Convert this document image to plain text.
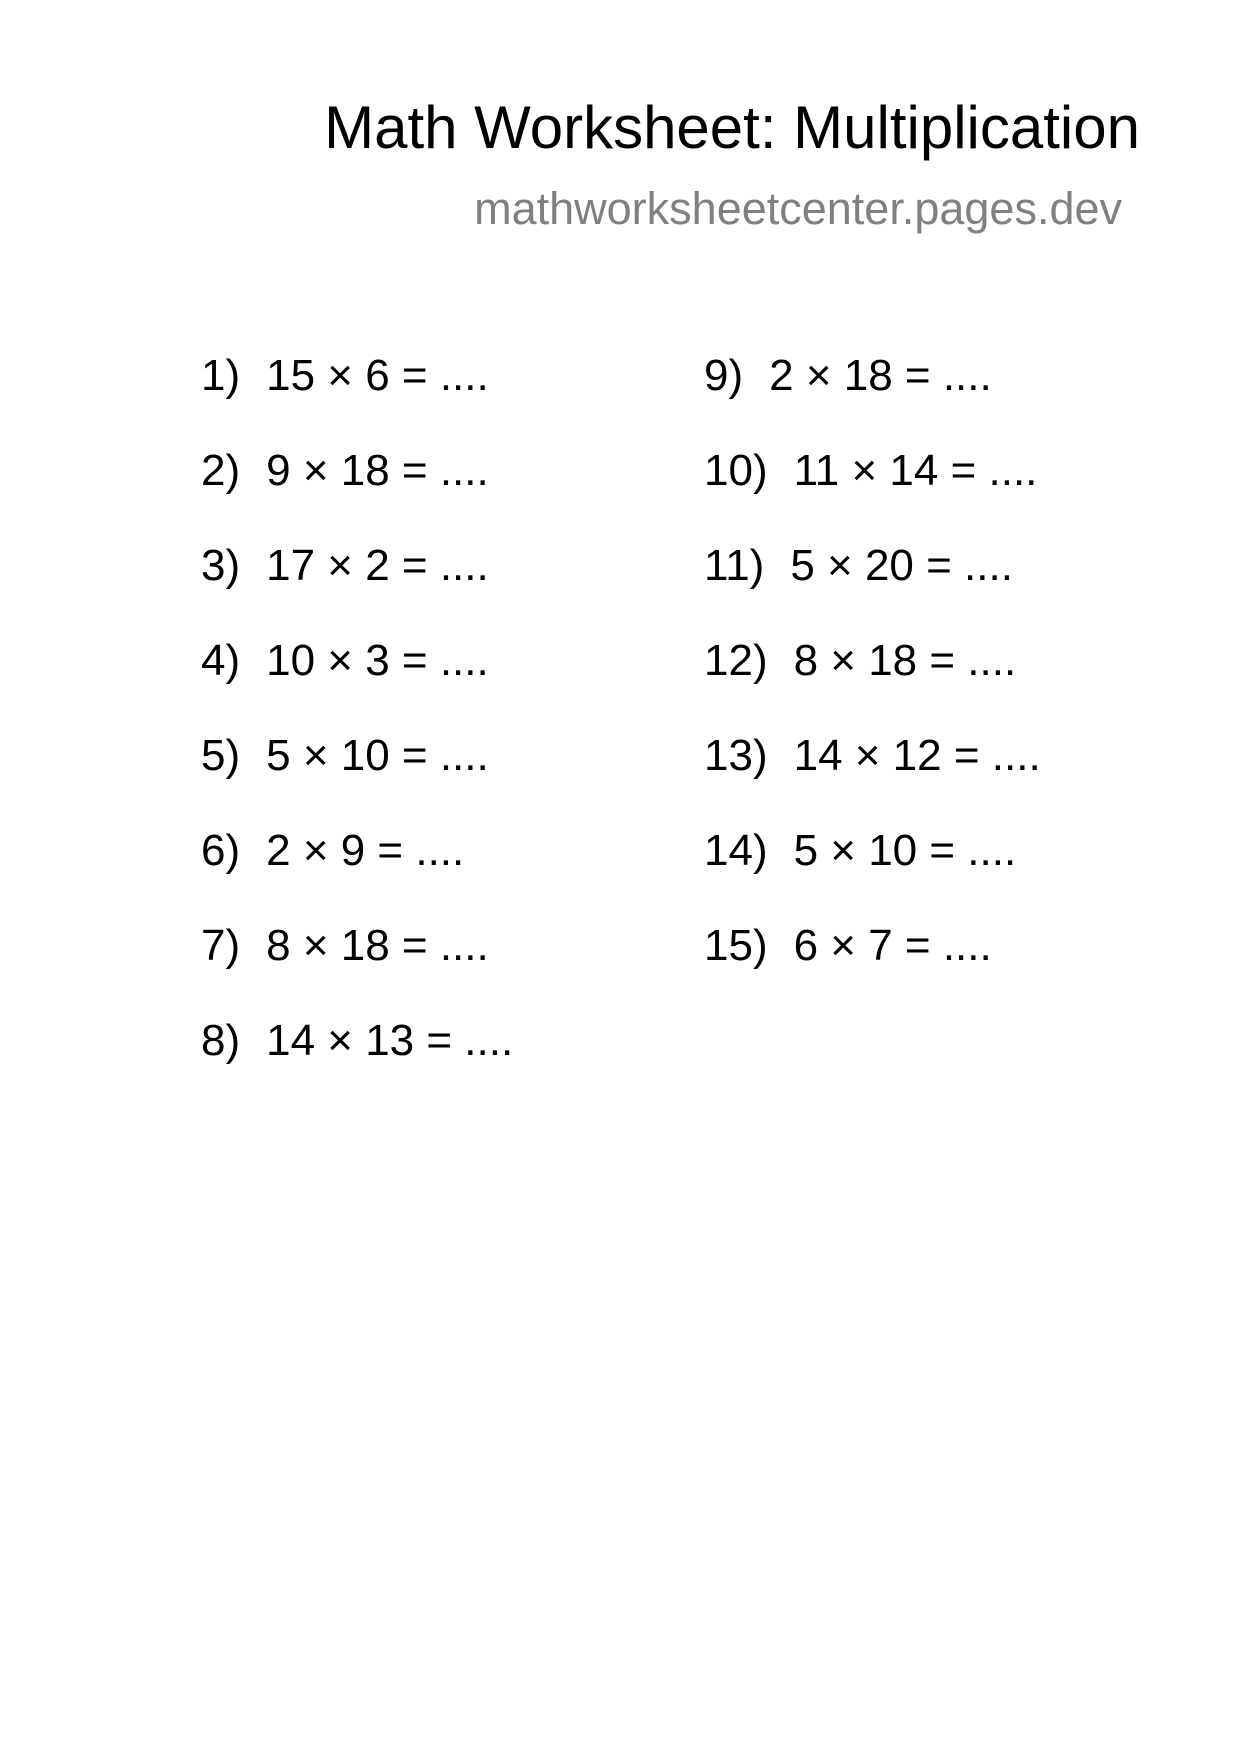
Math Worksheet: Multiplication
mathworksheetcenter.pages.dev
1) 15 × 6 = ....
2) 9 × 18 = ....
3) 17 × 2 = ....
4) 10 × 3 = ....
5) 5 × 10 = ....
6) 2 × 9 = ....
7) 8 × 18 = ....
8) 14 × 13 = ....
9) 2 × 18 = ....
10) 11 × 14 = ....
11) 5 × 20 = ....
12) 8 × 18 = ....
13) 14 × 12 = ....
14) 5 × 10 = ....
15) 6 × 7 = ....
